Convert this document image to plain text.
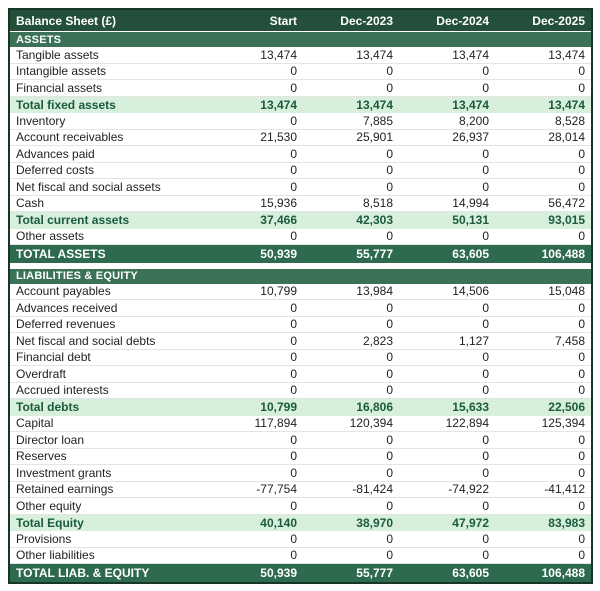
Balance Sheet (£)	Start	Dec-2023	Dec-2024	Dec-2025
ASSETS
Tangible assets	13,474	13,474	13,474	13,474
Intangible assets	0	0	0	0
Financial assets	0	0	0	0
Total fixed assets	13,474	13,474	13,474	13,474
Inventory	0	7,885	8,200	8,528
Account receivables	21,530	25,901	26,937	28,014
Advances paid	0	0	0	0
Deferred costs	0	0	0	0
Net fiscal and social assets	0	0	0	0
Cash	15,936	8,518	14,994	56,472
Total current assets	37,466	42,303	50,131	93,015
Other assets	0	0	0	0
TOTAL ASSETS	50,939	55,777	63,605	106,488
LIABILITIES & EQUITY
Account payables	10,799	13,984	14,506	15,048
Advances received	0	0	0	0
Deferred revenues	0	0	0	0
Net fiscal and social debts	0	2,823	1,127	7,458
Financial debt	0	0	0	0
Overdraft	0	0	0	0
Accrued interests	0	0	0	0
Total debts	10,799	16,806	15,633	22,506
Capital	117,894	120,394	122,894	125,394
Director loan	0	0	0	0
Reserves	0	0	0	0
Investment grants	0	0	0	0
Retained earnings	-77,754	-81,424	-74,922	-41,412
Other equity	0	0	0	0
Total Equity	40,140	38,970	47,972	83,983
Provisions	0	0	0	0
Other liabilities	0	0	0	0
TOTAL LIAB. & EQUITY	50,939	55,777	63,605	106,488
